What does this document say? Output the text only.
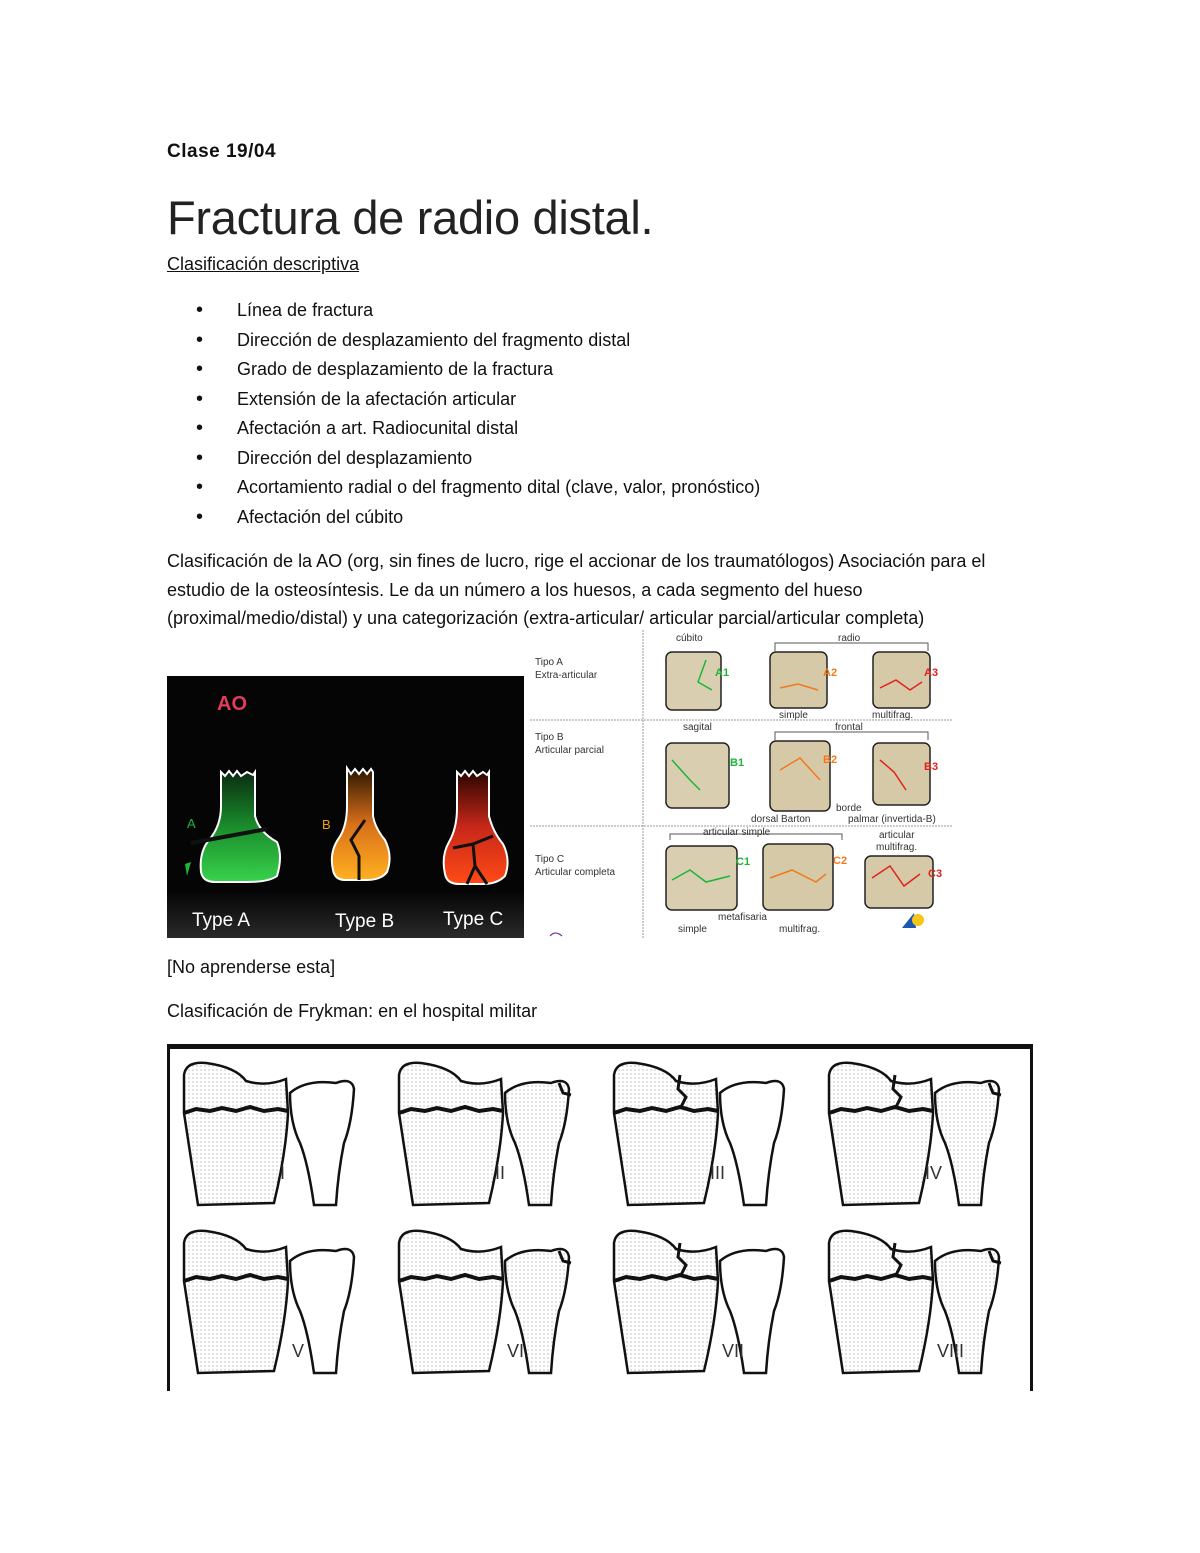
Clase 19/04
Fractura de radio distal.
Clasificación descriptiva
• Línea de fractura
• Dirección de desplazamiento del fragmento distal
• Grado de desplazamiento de la fractura
• Extensión de la afectación articular
• Afectación a art. Radiocunital distal
• Dirección del desplazamiento
• Acortamiento radial o del fragmento dital (clave, valor, pronóstico)
• Afectación del cúbito
Clasificación de la AO (org, sin fines de lucro, rige el accionar de los traumatólogos) Asociación para el estudio de la osteosíntesis. Le da un número a los huesos, a cada segmento del hueso (proximal/medio/distal) y una categorización (extra-articular/ articular parcial/articular completa)
AO
A	B
Type A	Type B	Type C
Tipo A
Extra-articular
Tipo B
Articular parcial
Tipo C
Articular completa
cúbito	radio
A1	A2	A3
simple	multifrag.
sagital	frontal
B1	B2
B3
borde
dorsal Barton	palmar (invertida-B)
articular simple	articular
multifrag.
C1	C2
C3
metafisaria
simple	multifrag.
[No aprenderse esta]
Clasificación de Frykman: en el hospital militar
I	II	III	IV
V	VI	VII	VIII
